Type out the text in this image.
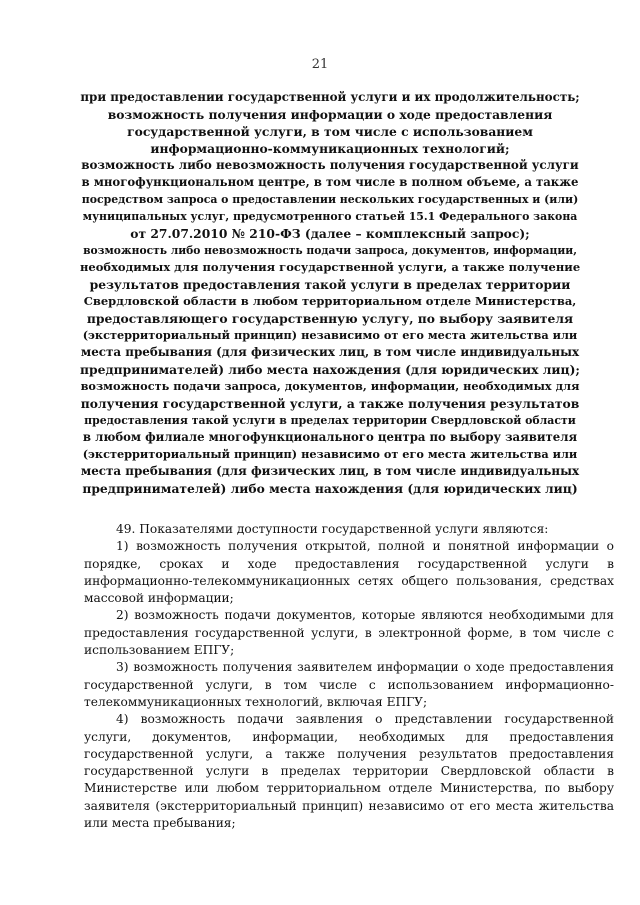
21
при предоставлении государственной услуги и их продолжительность;
возможность получения информации о ходе предоставления
государственной услуги, в том числе с использованием
информационно-коммуникационных технологий;
возможность либо невозможность получения государственной услуги
в многофункциональном центре, в том числе в полном объеме, а также
посредством запроса о предоставлении нескольких государственных и (или)
муниципальных услуг, предусмотренного статьей 15.1 Федерального закона
от 27.07.2010 № 210-ФЗ (далее – комплексный запрос);
возможность либо невозможность подачи запроса, документов, информации,
необходимых для получения государственной услуги, а также получение
результатов предоставления такой услуги в пределах территории
Свердловской области в любом территориальном отделе Министерства,
предоставляющего государственную услугу, по выбору заявителя
(экстерриториальный принцип) независимо от его места жительства или
места пребывания (для физических лиц, в том числе индивидуальных
предпринимателей) либо места нахождения (для юридических лиц);
возможность подачи запроса, документов, информации, необходимых для
получения государственной услуги, а также получения результатов
предоставления такой услуги в пределах территории Свердловской области
в любом филиале многофункционального центра по выбору заявителя
(экстерриториальный принцип) независимо от его места жительства или
места пребывания (для физических лиц, в том числе индивидуальных
предпринимателей) либо места нахождения (для юридических лиц)

49. Показателями доступности государственной услуги являются:

1) возможность получения открытой, полной и понятной информации о порядке, сроках и ходе предоставления государственной услуги в информационно-телекоммуникационных сетях общего пользования, средствах массовой информации;

2) возможность подачи документов, которые являются необходимыми для предоставления государственной услуги, в электронной форме, в том числе с использованием ЕПГУ;

3) возможность получения заявителем информации о ходе предоставления государственной услуги, в том числе с использованием информационно-телекоммуникационных технологий, включая ЕПГУ;

4) возможность подачи заявления о представлении государственной услуги, документов, информации, необходимых для предоставления государственной услуги, а также получения результатов предоставления государственной услуги в пределах территории Свердловской области в Министерстве или любом территориальном отделе Министерства, по выбору заявителя (экстерриториальный принцип) независимо от его места жительства или места пребывания;
